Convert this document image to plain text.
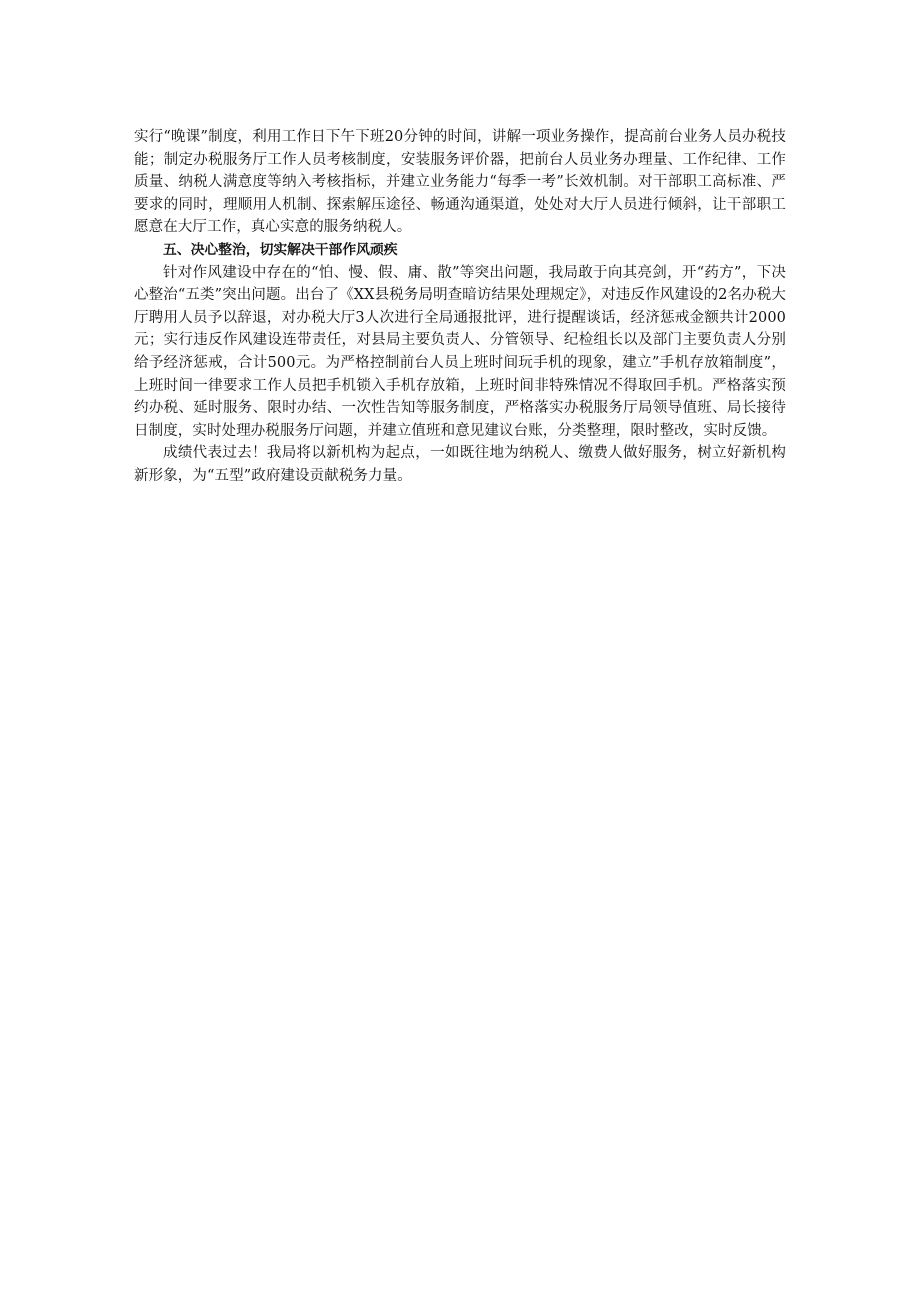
实行“晚课”制度，利用工作日下午下班20分钟的时间，讲解一项业务操作，提高前台业务人员办税技能；制定办税服务厅工作人员考核制度，安装服务评价器，把前台人员业务办理量、工作纪律、工作质量、纳税人满意度等纳入考核指标，并建立业务能力“每季一考”长效机制。对干部职工高标准、严要求的同时，理顺用人机制、探索解压途径、畅通沟通渠道，处处对大厅人员进行倾斜，让干部职工愿意在大厅工作，真心实意的服务纳税人。

五、决心整治，切实解决干部作风顽疾

针对作风建设中存在的“怕、慢、假、庸、散”等突出问题，我局敢于向其亮剑，开“药方”，下决心整治“五类”突出问题。出台了《XX县税务局明查暗访结果处理规定》，对违反作风建设的2名办税大厅聘用人员予以辞退，对办税大厅3人次进行全局通报批评，进行提醒谈话，经济惩戒金额共计2000元；实行违反作风建设连带责任，对县局主要负责人、分管领导、纪检组长以及部门主要负责人分别给予经济惩戒，合计500元。为严格控制前台人员上班时间玩手机的现象，建立”手机存放箱制度”，上班时间一律要求工作人员把手机锁入手机存放箱，上班时间非特殊情况不得取回手机。严格落实预约办税、延时服务、限时办结、一次性告知等服务制度，严格落实办税服务厅局领导值班、局长接待日制度，实时处理办税服务厅问题，并建立值班和意见建议台账，分类整理，限时整改，实时反馈。

成绩代表过去！我局将以新机构为起点，一如既往地为纳税人、缴费人做好服务，树立好新机构新形象，为“五型”政府建设贡献税务力量。
